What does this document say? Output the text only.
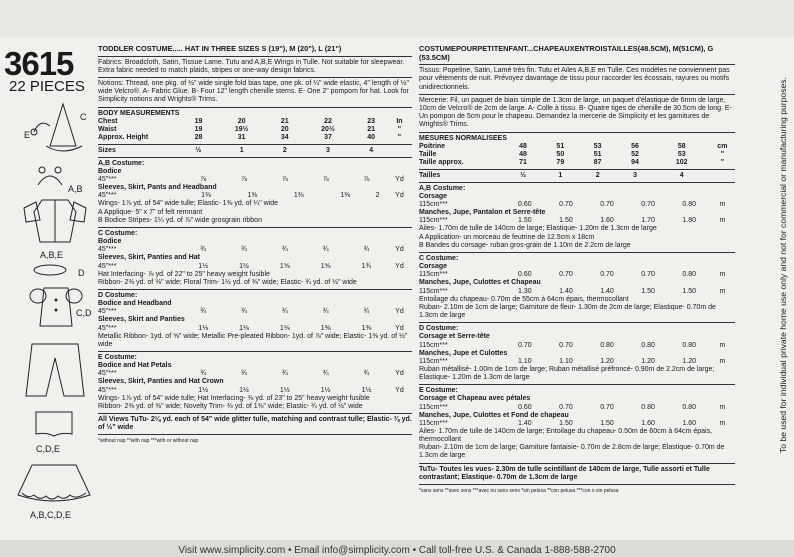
3615
22 PIECES
C
E
A,B
A,B,E
D
C,D
C,D,E
A,B,C,D,E
TODDLER COSTUME..... HAT IN THREE SIZES S (19"), M (20"), L (21")
Fabrics: Broadcloth, Satin, Tissue Lame. Tutu and A,B,E Wings in Tulle. Not suitable for sleepwear. Extra fabric needed to match plaids, stripes or one-way design fabrics.
Notions: Thread, one pkg. of ½" wide single fold bias tape, one pk. of ¼" wide elastic, 4" length of ½" wide Velcro®. A- Fabric Glue. B- Four 12" length chenille stems. E- One 2" pompom for hat. Look for Simplicity notions and Wrights® Trims.
BODY MEASUREMENTS
Chest	19	20	21	22	23	In
Waist	19	19½	20	20½	21	"
Approx. Height	28	31	34	37	40	"

Sizes	½	1	2	3	4	
A,B Costume:
Bodice
45"***	⅞	⅞	⅞	⅞	⅞	Yd
Sleeves, Skirt, Pants and Headband
45"***	1⅜	1⅜	1⅜	1⅜	2	Yd
Wings- 1⅞ yd. of 54" wide tulle; Elastic- 1⅜ yd. of ¼" wide
A Applique- 5" x 7" of felt remnant
B Bodice Stripes- 1¼ yd. of ⅞" wide grosgrain ribbon
C Costume:
Bodice
45"***	¾	¾	¾	¾	¾	Yd
Sleeves, Skirt, Panties and Hat
45"***	1½	1½	1⅝	1⅝	1¾	Yd
Hat Interfacing- ⅞ yd. of 22" to 25" heavy weight fusible
Ribbon- 2⅜ yd. of ⅜" wide; Floral Trim- 1½ yd. of ⅜" wide; Elastic- ¾ yd. of ½" wide
D Costume:
Bodice and Headband
45"***	¾	¾	¾	¾	¾	Yd
Sleeves, Skirt and Panties
45"***	1⅛	1⅛	1⅛	1⅜	1⅜	Yd
Metallic Ribbon- 1yd. of ⅝" wide; Metallic Pre-pleated Ribbon- 1yd. of ⅞" wide; Elastic- 1⅜ yd. of ½" wide
E Costume:
Bodice and Hat Petals
45"***	¾	¾	¾	¾	¾	Yd
Sleeves, Skirt, Panties and Hat Crown
45"***	1½	1½	1½	1½	1½	Yd
Wings- 1⅞ yd. of 54" wide tulle; Hat Interfacing- ⅜ yd. of 23" to 25" heavy weight fusible
Ribbon- 2⅜ yd. of ⅜" wide; Novelty Trim- ⅜ yd. of 1⅜" wide; Elastic- ¾ yd. of ½" wide
All Views TuTu- 2⅛ yd. each of 54" wide glitter tulle, matching and contrast tulle; Elastic- ⅜ yd. of ½" wide
*without nap **with nap ***with or without nap
COSTUMEPOURPETITENFANT...CHAPEAUXENTROISTAILLES(48.5CM), M(51CM), G (53.5CM)
Tissus: Popeline, Satin, Lamé très fin. Tutu et Ailes A,B,E en Tulle. Ces modèles ne conviennent pas pour vêtements de nuit. Prévoyez davantage de tissu pour raccorder les écossais, rayures ou motifs unidirectionnels.
Mercerie: Fil, un paquet de biais simple de 1.3cm de large, un paquet d'élastique de 6mm de large, 10cm de Velcro® de 2cm de large. A- Colle à tissu. B- Quatre tiges de chenille de 30.5cm de long. E- Un pompon de 5cm pour le chapeau. Demandez la mercerie de Simplicity et les garnitures de Wrights® Trims.
MESURES NORMALISEES
Poitrine	48	51	53	56	58	cm
Taille	48	50	51	52	53	"
Taille approx.	71	79	87	94	102	"

Tailles	½	1	2	3	4	
A,B Costume:
Corsage
115cm***	0.60	0.70	0.70	0.70	0.80	m
Manches, Jupe, Pantalon et Serre-tête
115cm***	1.50	1.50	1.60	1.70	1.80	m
Ailes- 1.70m de tulle de 140cm de large; Elastique- 1.20m de 1.3cm de large
A Application- un morceau de feutrine de 12.5cm x 18cm
B Bandes du corsage- ruban gros-grain de 1.10m de 2.2cm de large
C Costume:
Corsage
115cm***	0.60	0.70	0.70	0.70	0.80	m
Manches, Jupe, Culottes et Chapeau
115cm***	1.30	1.40	1.40	1.50	1.50	m
Entoilage du chapeau- 0.70m de 55cm à 64cm épais, thermocollant
Ruban- 2.10m de 1cm de large; Garniture de fleur- 1.30m de 2cm de large; Elastique- 0.70m de 1.3cm de large
D Costume:
Corsage et Serre-tête
115cm***	0.70	0.70	0.80	0.80	0.80	m
Manches, Jupe et Culottes
115cm***	1.10	1.10	1.20	1.20	1.20	m
Ruban métallisé- 1.00m de 1cm de large; Ruban métallisé préfroncé- 0.90m de 2.2cm de large; Elastique- 1.20m de 1.3cm de large
E Costume:
Corsage et Chapeau avec pétales
115cm***	0.60	0.70	0.70	0.80	0.80	m
Manches, Jupe, Culottes et Fond de chapeau
115cm***	1.40	1.50	1.50	1.60	1.60	m
Ailes- 1.70m de tulle de 140cm de large; Entoilage du chapeau- 0.50m de 60cm à 64cm épais, thermocollant
Ruban- 2.10m de 1cm de large; Garniture fantaisie- 0.70m de 2.8cm de large; Elastique- 0.70m de 1.3cm de large
TuTu- Toutes les vues- 2.30m de tulle scintillant de 140cm de large, Tulle assorti et Tulle contrastant; Elastique- 0.70m de 1.3cm de large
*sans sens **avec sens ***avec ou sans sens *sin pelusa **con pelusa ***con o sin pelusa
To be used for individual private home use only and not for commercial or manufacturing purposes.
Visit www.simplicity.com • Email info@simplicity.com • Call toll-free U.S. & Canada 1-888-588-2700
